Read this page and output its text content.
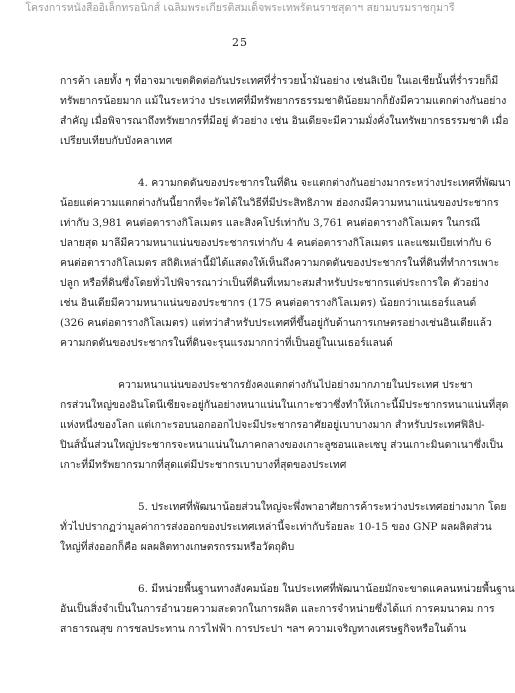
โครงการหนังสืออิเล็กทรอนิกส์ เฉลิมพระเกียรติสมเด็จพระเทพรัตนราชสุดาฯ สยามบรมราชกุมารี
25
การค้า เลยทั้ง ๆ ที่อาจมาเขตติดต่อกันประเทศที่ร่ำรวยน้ำมันอย่าง เช่นลิเบีย ในเอเชียนั้นที่ร่ำรวยก็มี
ทรัพยากรน้อยมาก แม้ในระหว่าง ประเทศที่มีทรัพยากรธรรมชาติน้อยมากก็ยังมีความแตกต่างกันอย่าง
สำคัญ เมื่อพิจารณาถึงทรัพยากรที่มีอยู่ ตัวอย่าง เช่น อินเดียจะมีความมั่งคั่งในทรัพยากรธรรมชาติ เมื่อ
เปรียบเทียบกับบังคลาเทศ
4. ความกดดันของประชากรในที่ดิน จะแตกต่างกันอย่างมากระหว่างประเทศที่พัฒนา
น้อยแต่ความแตกต่างกันนี้ยากที่จะวัดได้ในวิธีที่มีประสิทธิภาพ ฮ่องกงมีความหนาแน่นของประชากร
เท่ากับ 3,981 คนต่อตารางกิโลเมตร และสิงคโปร์เท่ากับ 3,761 คนต่อตารางกิโลเมตร ในกรณี
ปลายสุด มาลีมีความหนาแน่นของประชากรเท่ากับ 4 คนต่อตารางกิโลเมตร และแซมเบียเท่ากับ 6
คนต่อตารางกิโลเมตร สถิติเหล่านี้มิได้แสดงให้เห็นถึงความกดดันของประชากรในที่ดินที่ทำการเพาะ
ปลูก หรือที่ดินซึ่งโดยทั่วไปพิจารณาว่าเป็นที่ดินที่เหมาะสมสำหรับประชากรแต่ประการใด ตัวอย่าง
เช่น อินเดียมีความหนาแน่นของประชากร (175 คนต่อตารางกิโลเมตร) น้อยกว่าเนเธอร์แลนด์
(326 คนต่อตารางกิโลเมตร) แต่ทว่าสำหรับประเทศที่ขึ้นอยู่กับด้านการเกษตรอย่างเช่นอินเดียแล้ว
ความกดดันของประชากรในที่ดินจะรุนแรงมากกว่าที่เป็นอยู่ในเนเธอร์แลนด์
ความหนาแน่นของประชากรยังคงแตกต่างกันไปอย่างมากภายในประเทศ ประชา
กรส่วนใหญ่ของอินโดนีเซียจะอยู่กันอย่างหนาแน่นในเกาะชวาซึ่งทำให้เกาะนี้มีประชากรหนาแน่นที่สุด
แห่งหนึ่งของโลก แต่เกาะรอบนอกออกไปจะมีประชากรอาศัยอยู่เบาบางมาก สำหรับประเทศฟิลิป-
ปินส์นั้นส่วนใหญ่ประชากรจะหนาแน่นในภาคกลางของเกาะลูซอนและเซบู ส่วนเกาะมินดาเนาซึ่งเป็น
เกาะที่มีทรัพยากรมากที่สุดแต่มีประชากรเบาบางที่สุดของประเทศ
5. ประเทศที่พัฒนาน้อยส่วนใหญ่จะพึ่งพาอาศัยการค้าระหว่างประเทศอย่างมาก โดย
ทั่วไปปรากฏว่ามูลค่าการส่งออกของประเทศเหล่านี้จะเท่ากับร้อยละ 10-15 ของ GNP ผลผลิตส่วน
ใหญ่ที่ส่งออกก็คือ ผลผลิตทางเกษตรกรรมหรือวัตถุดิบ
6. มีหน่วยพื้นฐานทางสังคมน้อย ในประเทศที่พัฒนาน้อยมักจะขาดแคลนหน่วยพื้นฐาน
อันเป็นสิ่งจำเป็นในการอำนวยความสะดวกในการผลิต และการจำหน่ายซึ่งได้แก่ การคมนาคม การ
สาธารณสุข การชลประทาน การไฟฟ้า การประปา ฯลฯ ความเจริญทางเศรษฐกิจหรือในด้าน
